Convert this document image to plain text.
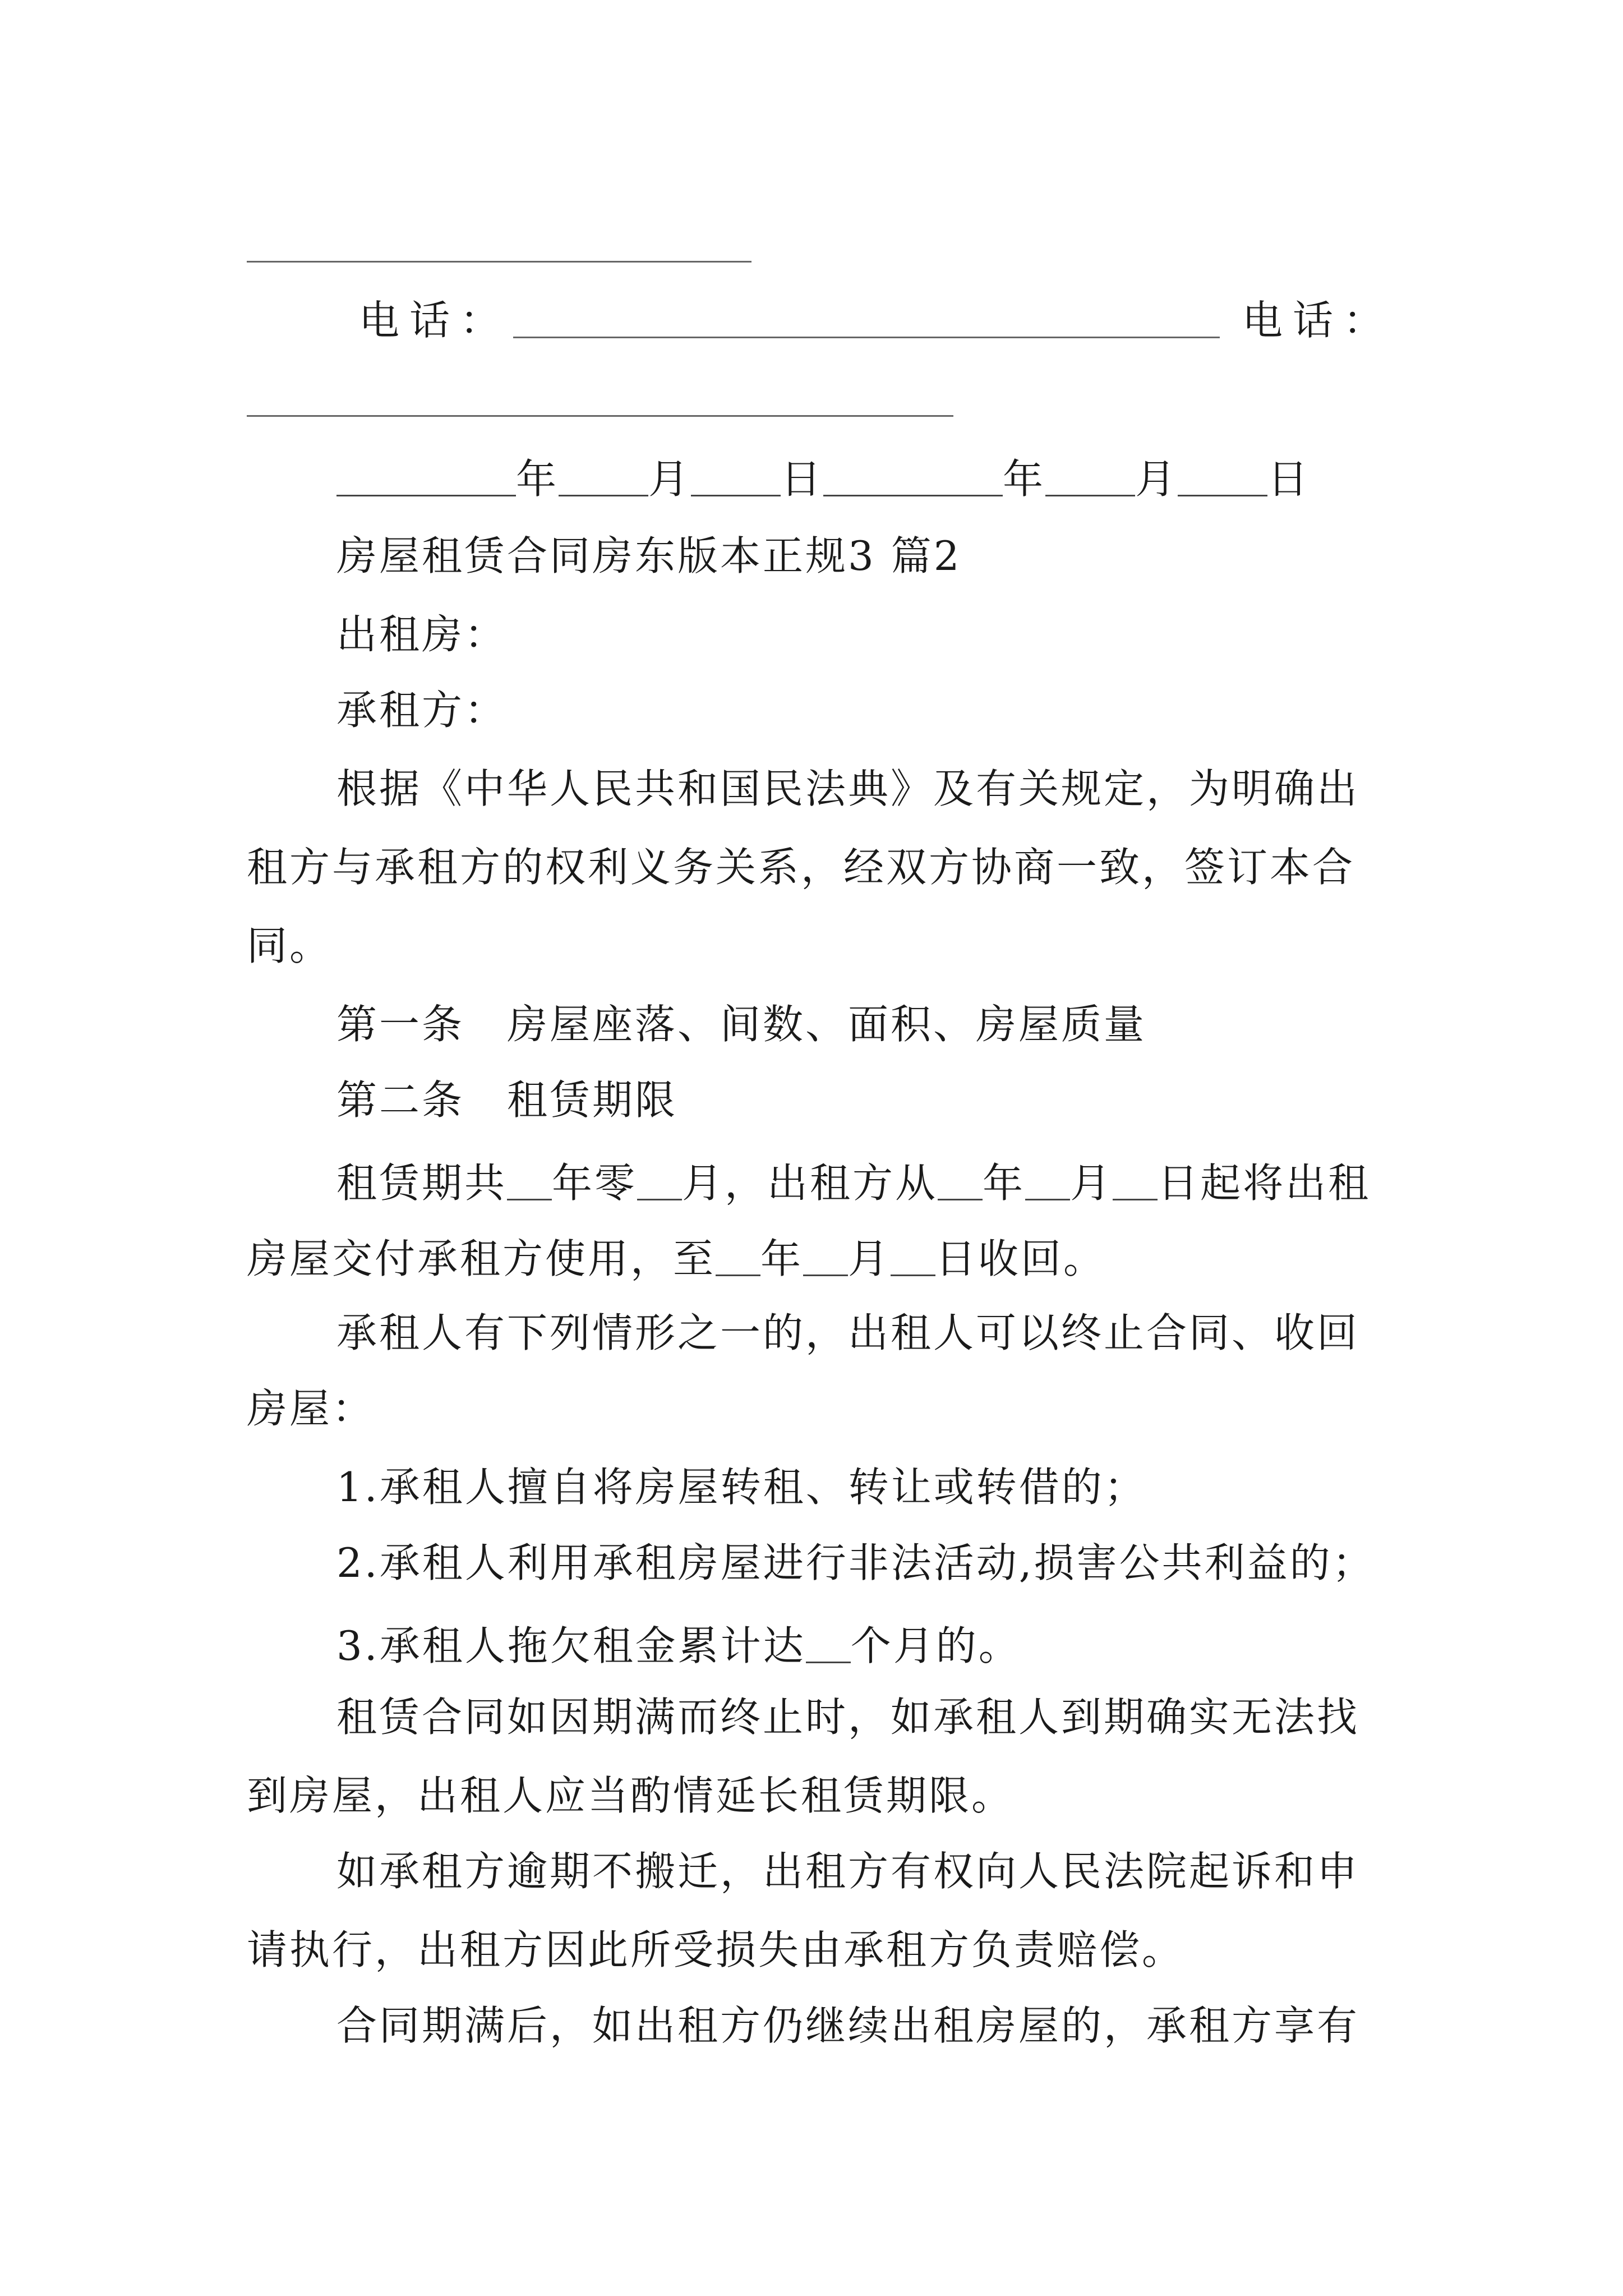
电话：	电话：
年 月 日	年 月 日
房屋租赁合同房东版本正规3 篇2
出租房：
承租方：
根据《中华人民共和国民法典》及有关规定，为明确出
租方与承租方的权利义务关系，经双方协商一致，签订本合
同。
第一条　房屋座落、间数、面积、房屋质量
第二条　租赁期限
租赁期共 年零 月，出租方从 年 月 日起将出租
房屋交付承租方使用，至 年 月 日收回。
承租人有下列情形之一的，出租人可以终止合同、收回
房屋：
1.承租人擅自将房屋转租、转让或转借的；
2.承租人利用承租房屋进行非法活动,损害公共利益的；
3.承租人拖欠租金累计达 个月的。
租赁合同如因期满而终止时，如承租人到期确实无法找
到房屋，出租人应当酌情延长租赁期限。
如承租方逾期不搬迁，出租方有权向人民法院起诉和申
请执行，出租方因此所受损失由承租方负责赔偿。
合同期满后，如出租方仍继续出租房屋的，承租方享有
